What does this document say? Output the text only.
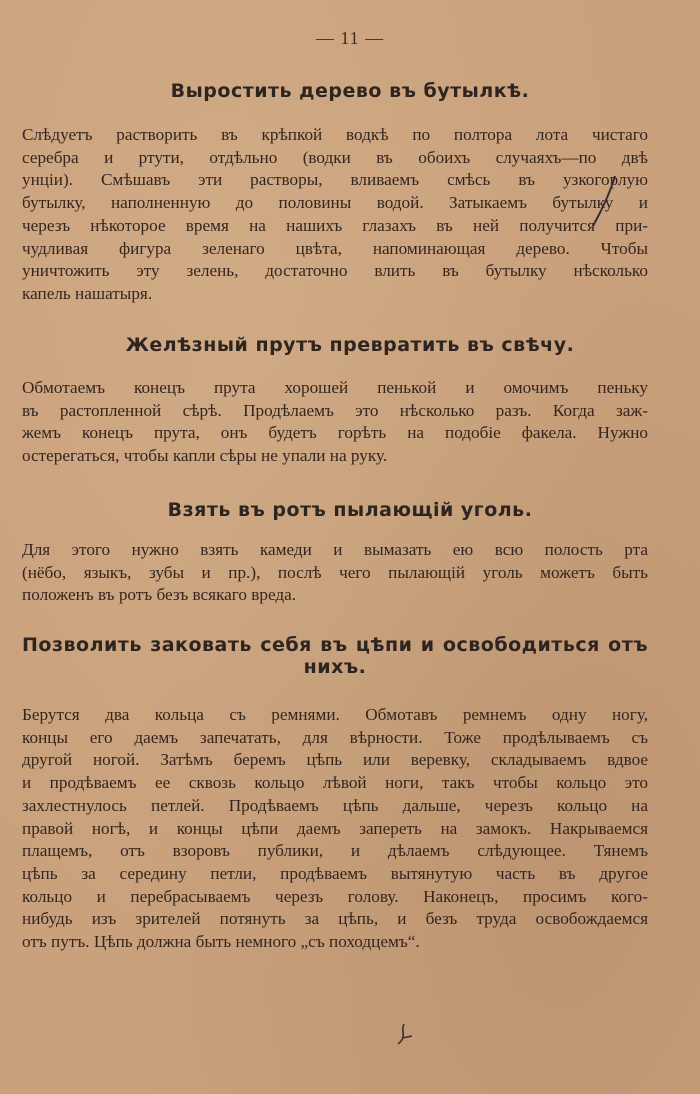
— 11 —
Выростить дерево въ бутылкѣ.
Слѣдуетъ растворить въ крѣпкой водкѣ по полтора лота чистаго
серебра и ртути, отдѣльно (водки въ обоихъ случаяхъ—по двѣ
унціи). Смѣшавъ эти растворы, вливаемъ смѣсь въ узкогорлую
бутылку, наполненную до половины водой. Затыкаемъ бутылку и
черезъ нѣкоторое время на нашихъ глазахъ въ ней получится при-
чудливая фигура зеленаго цвѣта, напоминающая дерево. Чтобы
уничтожить эту зелень, достаточно влить въ бутылку нѣсколько
капель нашатыря.
Желѣзный прутъ превратить въ свѣчу.
Обмотаемъ конецъ прута хорошей пенькой и омочимъ пеньку
въ растопленной сѣрѣ. Продѣлаемъ это нѣсколько разъ. Когда заж-
жемъ конецъ прута, онъ будетъ горѣть на подобіе факела. Нужно
остерегаться, чтобы капли сѣры не упали на руку.
Взять въ ротъ пылающій уголь.
Для этого нужно взять камеди и вымазать ею всю полость рта
(нёбо, языкъ, зубы и пр.), послѣ чего пылающій уголь можетъ быть
положенъ въ ротъ безъ всякаго вреда.
Позволить заковать себя въ цѣпи и освободиться отъ
нихъ.
Берутся два кольца съ ремнями. Обмотавъ ремнемъ одну ногу,
концы его даемъ запечатать, для вѣрности. Тоже продѣлываемъ съ
другой ногой. Затѣмъ беремъ цѣпь или веревку, складываемъ вдвое
и продѣваемъ ее сквозь кольцо лѣвой ноги, такъ чтобы кольцо это
захлестнулось петлей. Продѣваемъ цѣпь дальше, черезъ кольцо на
правой ногѣ, и концы цѣпи даемъ запереть на замокъ. Накрываемся
плащемъ, отъ взоровъ публики, и дѣлаемъ слѣдующее. Тянемъ
цѣпь за середину петли, продѣваемъ вытянутую часть въ другое
кольцо и перебрасываемъ черезъ голову. Наконецъ, просимъ кого-
нибудь изъ зрителей потянуть за цѣпь, и безъ труда освобождаемся
отъ путъ. Цѣпь должна быть немного „съ походцемъ“.
